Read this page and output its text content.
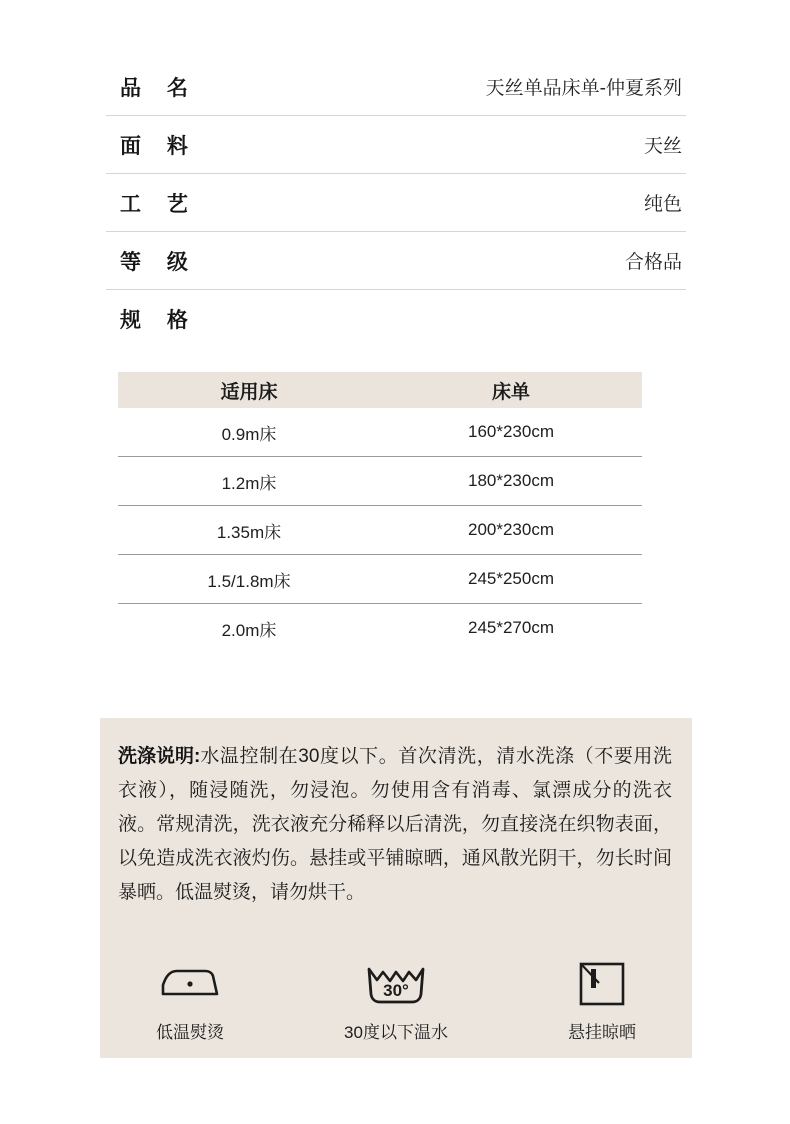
品 名	天丝单品床单-仲夏系列
面 料	天丝
工 艺	纯色
等 级	合格品
规 格
适用床	床单
0.9m床	160*230cm
1.2m床	180*230cm
1.35m床	200*230cm
1.5/1.8m床	245*250cm
2.0m床	245*270cm
洗涤说明: 水温控制在30度以下。首次清洗，清水洗涤（不要用洗衣液），随浸随洗，勿浸泡。勿使用含有消毒、氯漂成分的洗衣液。常规清洗，洗衣液充分稀释以后清洗，勿直接浇在织物表面，以免造成洗衣液灼伤。悬挂或平铺晾晒，通风散光阴干，勿长时间暴晒。低温熨烫，请勿烘干。
低温熨烫
30°
30度以下温水	悬挂晾晒
